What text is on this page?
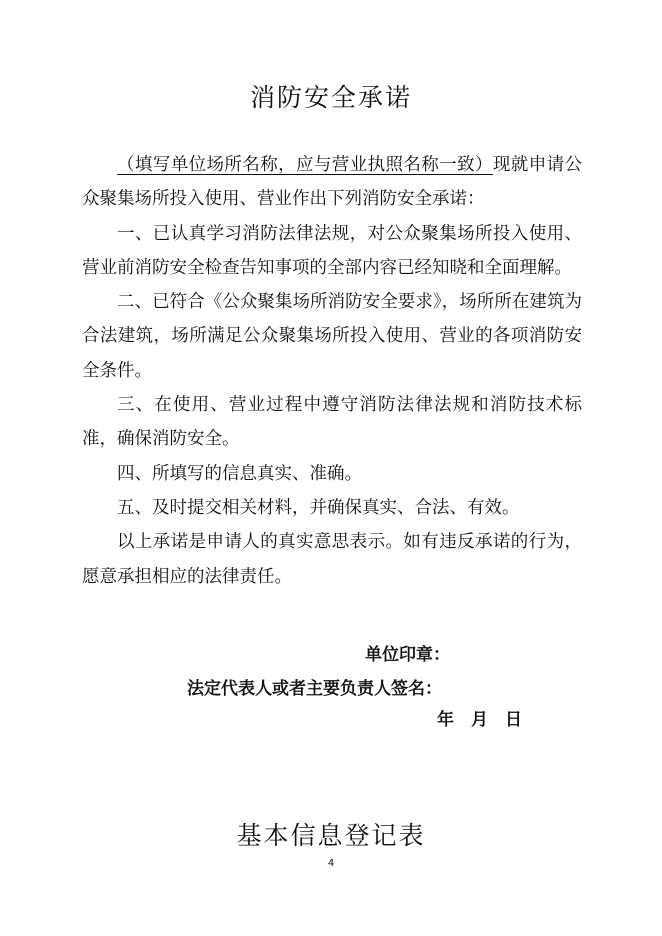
消防安全承诺

（填写单位场所名称，应与营业执照名称一致）现就申请公众聚集场所投入使用、营业作出下列消防安全承诺：

一、已认真学习消防法律法规，对公众聚集场所投入使用、营业前消防安全检查告知事项的全部内容已经知晓和全面理解。

二、已符合《公众聚集场所消防安全要求》，场所所在建筑为合法建筑，场所满足公众聚集场所投入使用、营业的各项消防安全条件。

三、在使用、营业过程中遵守消防法律法规和消防技术标准，确保消防安全。

四、所填写的信息真实、准确。

五、及时提交相关材料，并确保真实、合法、有效。

以上承诺是申请人的真实意思表示。如有违反承诺的行为，愿意承担相应的法律责任。

单位印章：
法定代表人或者主要负责人签名：
年 月 日
基本信息登记表
4
